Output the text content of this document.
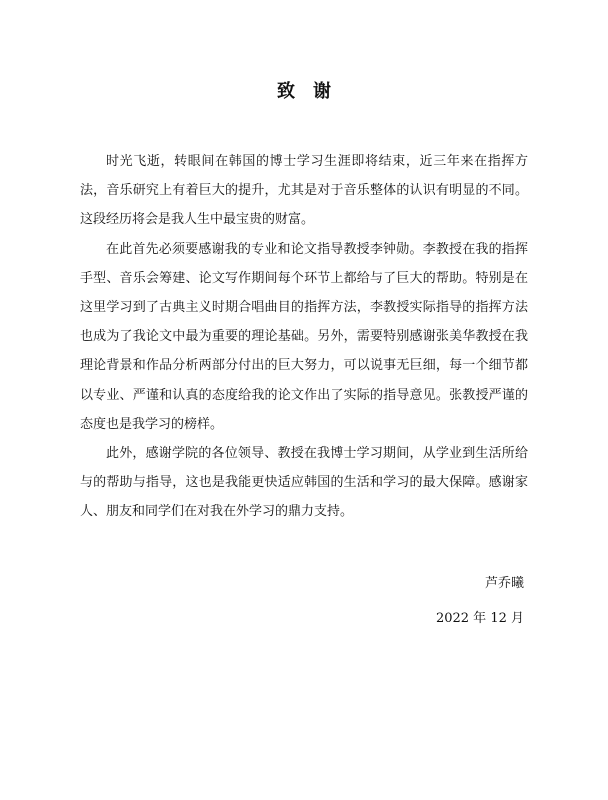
致　谢

时光飞逝，转眼间在韩国的博士学习生涯即将结束，近三年来在指挥方法，音乐研究上有着巨大的提升，尤其是对于音乐整体的认识有明显的不同。这段经历将会是我人生中最宝贵的财富。

在此首先必须要感谢我的专业和论文指导教授李钟勋。李教授在我的指挥手型、音乐会筹建、论文写作期间每个环节上都给与了巨大的帮助。特别是在这里学习到了古典主义时期合唱曲目的指挥方法，李教授实际指导的指挥方法也成为了我论文中最为重要的理论基础。另外，需要特别感谢张美华教授在我理论背景和作品分析两部分付出的巨大努力，可以说事无巨细，每一个细节都以专业、严谨和认真的态度给我的论文作出了实际的指导意见。张教授严谨的态度也是我学习的榜样。

此外，感谢学院的各位领导、教授在我博士学习期间，从学业到生活所给与的帮助与指导，这也是我能更快适应韩国的生活和学习的最大保障。感谢家人、朋友和同学们在对我在外学习的鼎力支持。

芦乔曦
2022 年 12 月
